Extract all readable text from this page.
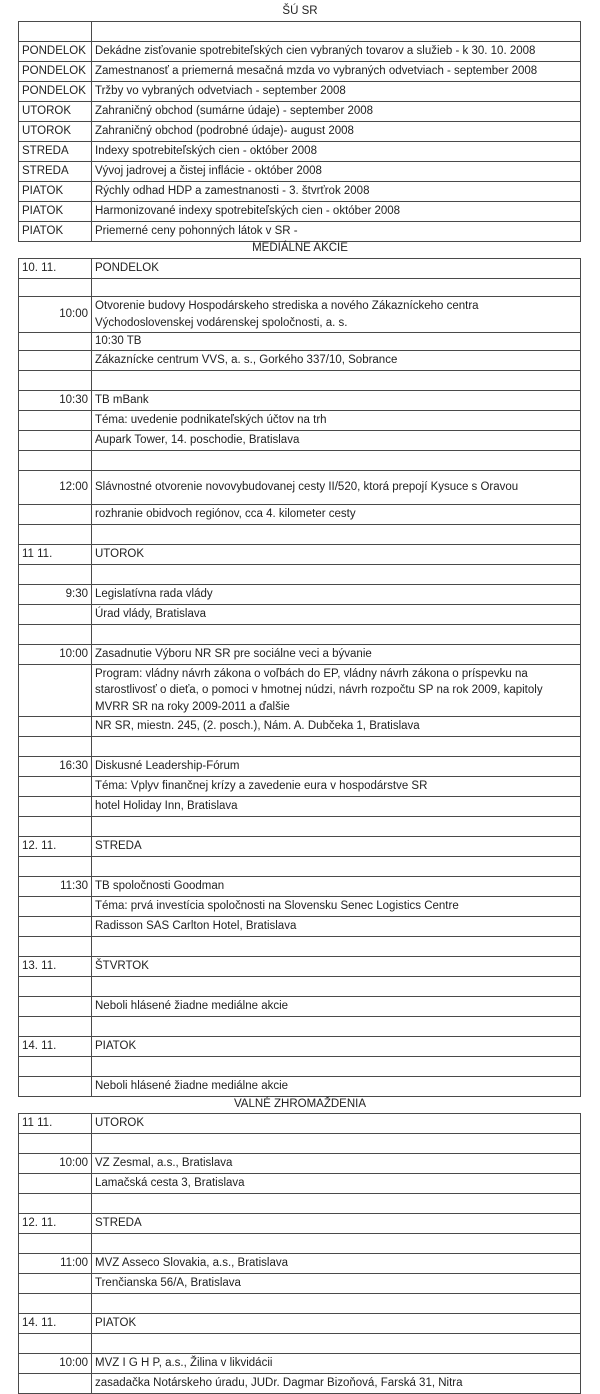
ŠÚ SR

PONDELOK	Dekádne zisťovanie spotrebiteľských cien vybraných tovarov a služieb - k 30. 10. 2008
PONDELOK	Zamestnanosť a priemerná mesačná mzda vo vybraných odvetviach - september 2008
PONDELOK	Tržby vo vybraných odvetviach - september 2008
UTOROK	Zahraničný obchod (sumárne údaje) - september 2008
UTOROK	Zahraničný obchod (podrobné údaje)- august 2008
STREDA	Indexy spotrebiteľských cien - október 2008
STREDA	Vývoj jadrovej a čistej inflácie - október 2008
PIATOK	Rýchly odhad HDP a zamestnanosti - 3. štvrťrok 2008
PIATOK	Harmonizované indexy spotrebiteľských cien - október 2008
PIATOK	Priemerné ceny pohonných látok v SR -
MEDIÁLNE AKCIE
10. 11.	PONDELOK

10:00	Otvorenie budovy Hospodárskeho strediska a nového Zákazníckeho centra Východoslovenskej vodárenskej spoločnosti, a. s.
	10:30 TB
	Zákaznícke centrum VVS, a. s., Gorkého 337/10, Sobrance

10:30	TB mBank
	Téma: uvedenie podnikateľských účtov na trh
	Aupark Tower, 14. poschodie, Bratislava

12:00	Slávnostné otvorenie novovybudovanej cesty II/520, ktorá prepojí Kysuce s Oravou
	rozhranie obidvoch regiónov, cca 4. kilometer cesty

11 11.	UTOROK

9:30	Legislatívna rada vlády
	Úrad vlády, Bratislava

10:00	Zasadnutie Výboru NR SR pre sociálne veci a bývanie
	Program: vládny návrh zákona o voľbách do EP, vládny návrh zákona o príspevku na starostlivosť o dieťa, o pomoci v hmotnej núdzi, návrh rozpočtu SP na rok 2009, kapitoly MVRR SR na roky 2009-2011 a ďalšie
	NR SR, miestn. 245, (2. posch.), Nám. A. Dubčeka 1, Bratislava

16:30	Diskusné Leadership-Fórum
	Téma: Vplyv finančnej krízy a zavedenie eura v hospodárstve SR
	hotel Holiday Inn, Bratislava

12. 11.	STREDA

11:30	TB spoločnosti Goodman
	Téma: prvá investícia spoločnosti na Slovensku Senec Logistics Centre
	Radisson SAS Carlton Hotel, Bratislava

13. 11.	ŠTVRTOK

	Neboli hlásené žiadne mediálne akcie

14. 11.	PIATOK

	Neboli hlásené žiadne mediálne akcie
VALNÉ ZHROMAŽDENIA
11 11.	UTOROK

10:00	VZ Zesmal, a.s., Bratislava
	Lamačská cesta 3, Bratislava

12. 11.	STREDA

11:00	MVZ Asseco Slovakia, a.s., Bratislava
	Trenčianska 56/A, Bratislava

14. 11.	PIATOK

10:00	MVZ I G H P, a.s., Žilina v likvidácii
	zasadačka Notárskeho úradu, JUDr. Dagmar Bizoňová, Farská 31, Nitra
